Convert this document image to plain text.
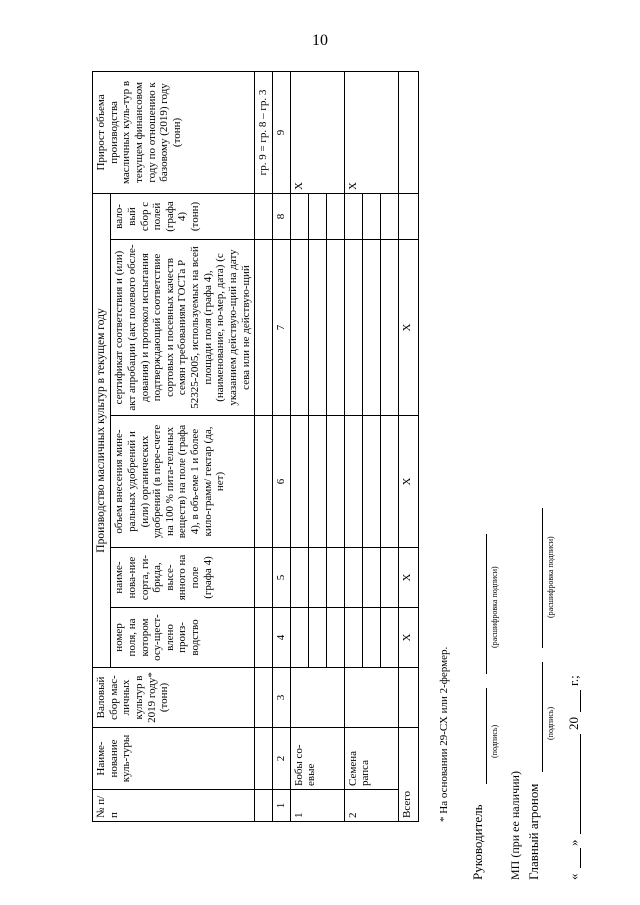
10
№ п/п	Наиме-нование куль-туры	Валовый сбор мас-личных культур в 2019 году* (тонн)	Производство масличных культур в текущем году					Прирост объема производства масличных куль-тур в текущем финансовом году по отношению к базовому (2019) году (тонн)
			номер поля, на котором осу-щест-влено произ-водство	наиме-нова-ние сорта, ги-брида, высе-янного на поле (графа 4)	объем внесения мине-ральных удобрений и (или) органических удобрений (в пере-счете на 100 % пита-тельных веществ) на поле (графа 4), в объ-еме 1 и более кило-грамм/ гектар (да, нет)	сертификат соответствия и (или) акт апробации (акт полевого обсле-дования) и протокол испытания подтверждающий соответствие сортовых и посевных качеств семян требованиям ГОСТа Р 52325-2005, используемых на всей площади поля (графа 4), (наименование, но-мер, дата) (с указанием действую-щий на дату сева или не действую-щий	вало-вый сбор с полей (графа 4) (тонн)	
								гр. 9 = гр. 8 – гр. 3
1	2	3	4	5	6	7	8	9
1	Бобы со-евые							Х

2	Семена рапса							Х

Всего			Х	Х	Х	Х		
* На основании 29-СХ или 2-фермер.
Руководитель
(подпись)
(расшифровка подписи)
МП (при ее наличии) Главный агроном
(подпись)
(расшифровка подписи)
«
»
20
г.;
